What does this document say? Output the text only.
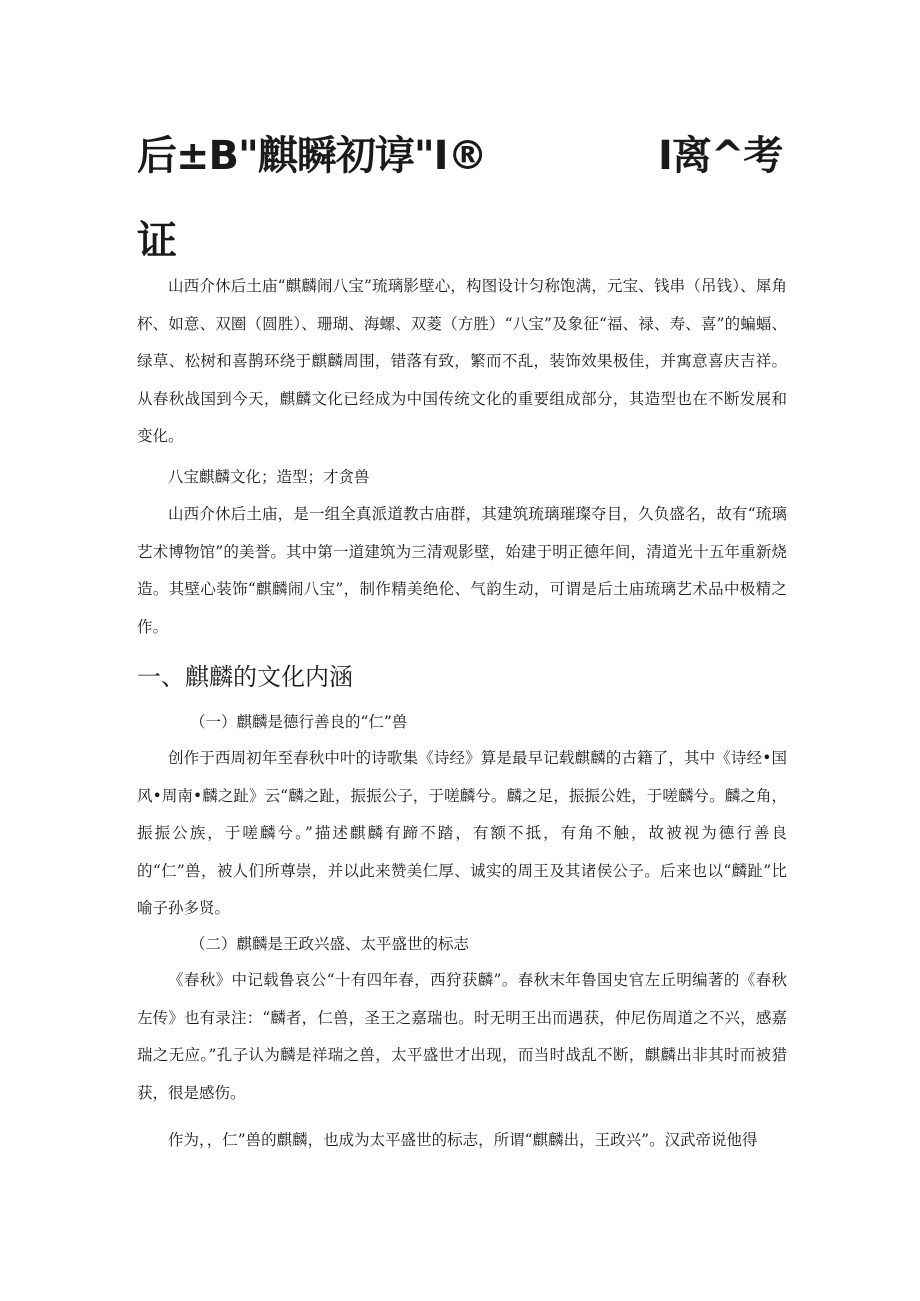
后±B"麒瞬初谆"I®	I离^考
证

山西介休后土庙“麒麟闹八宝”琉璃影壁心，构图设计匀称饱满，元宝、钱串（吊钱）、犀角杯、如意、双圈（圆胜）、珊瑚、海螺、双菱（方胜）“八宝”及象征“福、禄、寿、喜”的蝙蝠、绿草、松树和喜鹊环绕于麒麟周围，错落有致，繁而不乱，装饰效果极佳，并寓意喜庆吉祥。从春秋战国到今天，麒麟文化已经成为中国传统文化的重要组成部分，其造型也在不断发展和变化。

八宝麒麟文化；造型；才贪兽

山西介休后土庙，是一组全真派道教古庙群，其建筑琉璃璀璨夺目，久负盛名，故有“琉璃艺术博物馆”的美誉。其中第一道建筑为三清观影壁，始建于明正德年间，清道光十五年重新烧造。其壁心装饰“麒麟闹八宝”，制作精美绝伦、气韵生动，可谓是后土庙琉璃艺术品中极精之作。

一、麒麟的文化内涵
（一）麒麟是德行善良的“仁”兽

创作于西周初年至春秋中叶的诗歌集《诗经》算是最早记载麒麟的古籍了，其中《诗经•国风•周南•麟之趾》云“麟之趾，振振公子，于嗟麟兮。麟之足，振振公姓，于嗟麟兮。麟之角，振振公族，于嗟麟兮。”描述麒麟有蹄不踏，有额不抵，有角不触，故被视为德行善良的“仁”兽，被人们所尊崇，并以此来赞美仁厚、诚实的周王及其诸侯公子。后来也以“麟趾”比喻子孙多贤。

（二）麒麟是王政兴盛、太平盛世的标志

《春秋》中记载鲁哀公“十有四年春，西狩获麟”。春秋末年鲁国史官左丘明编著的《春秋左传》也有录注：“麟者，仁兽，圣王之嘉瑞也。时无明王出而遇获，仲尼伤周道之不兴，感嘉瑞之无应。”孔子认为麟是祥瑞之兽，太平盛世才出现，而当时战乱不断，麒麟出非其时而被猎获，很是感伤。

作为，，仁”兽的麒麟，也成为太平盛世的标志，所谓“麒麟出，王政兴”。汉武帝说他得
